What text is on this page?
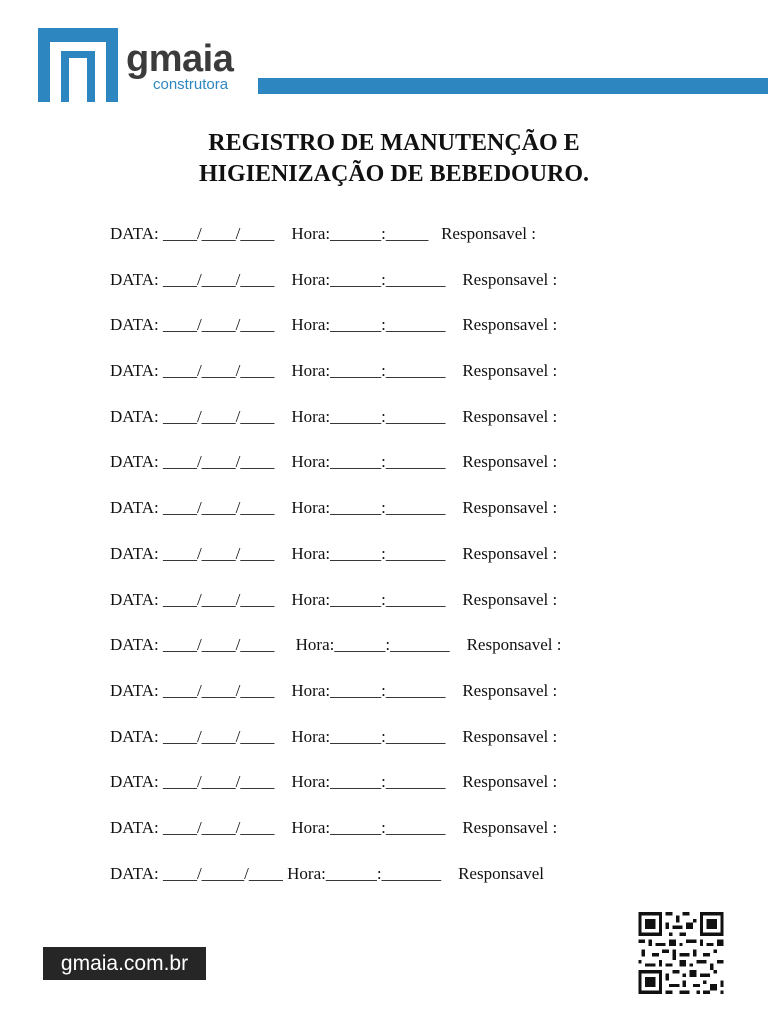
gmaia
construtora
REGISTRO DE MANUTENÇÃO E
HIGIENIZAÇÃO DE BEBEDOURO.
DATA: ____/____/____    Hora:______:_____   Responsavel :
DATA: ____/____/____    Hora:______:_______    Responsavel :
DATA: ____/____/____    Hora:______:_______    Responsavel :
DATA: ____/____/____    Hora:______:_______    Responsavel :
DATA: ____/____/____    Hora:______:_______    Responsavel :
DATA: ____/____/____    Hora:______:_______    Responsavel :
DATA: ____/____/____    Hora:______:_______    Responsavel :
DATA: ____/____/____    Hora:______:_______    Responsavel :
DATA: ____/____/____    Hora:______:_______    Responsavel :
DATA: ____/____/____     Hora:______:_______    Responsavel :
DATA: ____/____/____    Hora:______:_______    Responsavel :
DATA: ____/____/____    Hora:______:_______    Responsavel :
DATA: ____/____/____    Hora:______:_______    Responsavel :
DATA: ____/____/____    Hora:______:_______    Responsavel :
DATA: ____/_____/____ Hora:______:_______    Responsavel
gmaia.com.br
